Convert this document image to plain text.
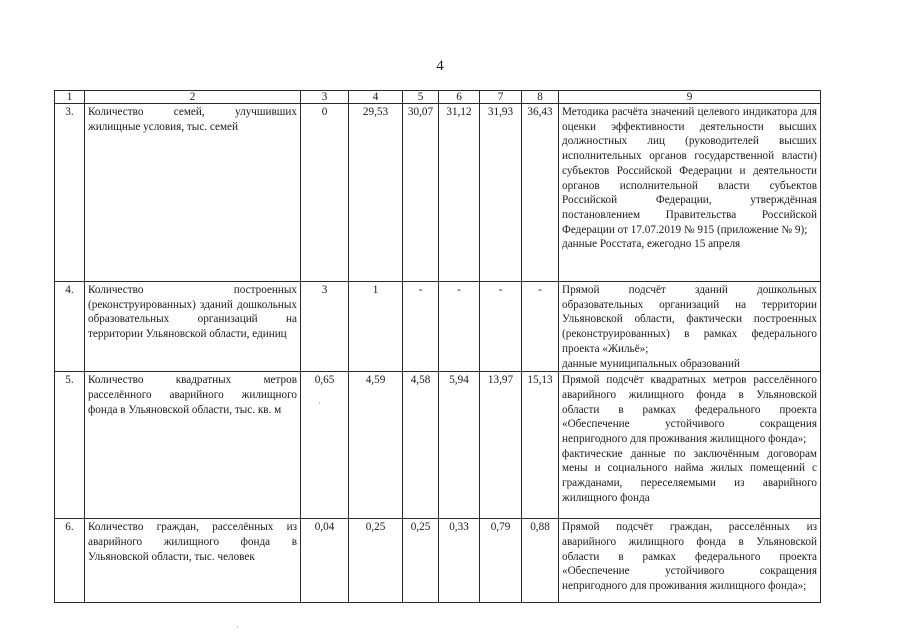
4
1	2	3	4	5	6	7	8	9
3.	Количество семей, улучшивших жилищные условия, тыс. семей	0	29,53	30,07	31,12	31,93	36,43	Методика расчёта значений целевого индикатора для оценки эффективности деятельности высших должностных лиц (руководителей высших исполнительных органов государственной власти) субъектов Российской Федерации и деятельности органов исполнительной власти субъектов Российской Федерации, утверждённая постановлением Правительства Российской Федерации от 17.07.2019 № 915 (приложение № 9);
данные Росстата, ежегодно 15 апреля

4.	Количество построенных (реконструированных) зданий дошкольных образовательных организаций на территории Ульяновской области, единиц	3	1	-	-	-	-	Прямой подсчёт зданий дошкольных образовательных организаций на территории Ульяновской области, фактически построенных (реконструированных) в рамках федерального проекта «Жильё»;
данные муниципальных образований

5.	Количество квадратных метров расселённого аварийного жилищного фонда в Ульяновской области, тыс. кв. м	0,65	4,59	4,58	5,94	13,97	15,13	Прямой подсчёт квадратных метров расселённого аварийного жилищного фонда в Ульяновской области в рамках федерального проекта «Обеспечение устойчивого сокращения непригодного для проживания жилищного фонда»;
фактические данные по заключённым договорам мены и социального найма жилых помещений с гражданами, переселяемыми из аварийного жилищного фонда

6.	Количество граждан, расселённых из аварийного жилищного фонда в Ульяновской области, тыс. человек	0,04	0,25	0,25	0,33	0,79	0,88	Прямой подсчёт граждан, расселённых из аварийного жилищного фонда в Ульяновской области в рамках федерального проекта «Обеспечение устойчивого сокращения непригодного для проживания жилищного фонда»;
·
·
